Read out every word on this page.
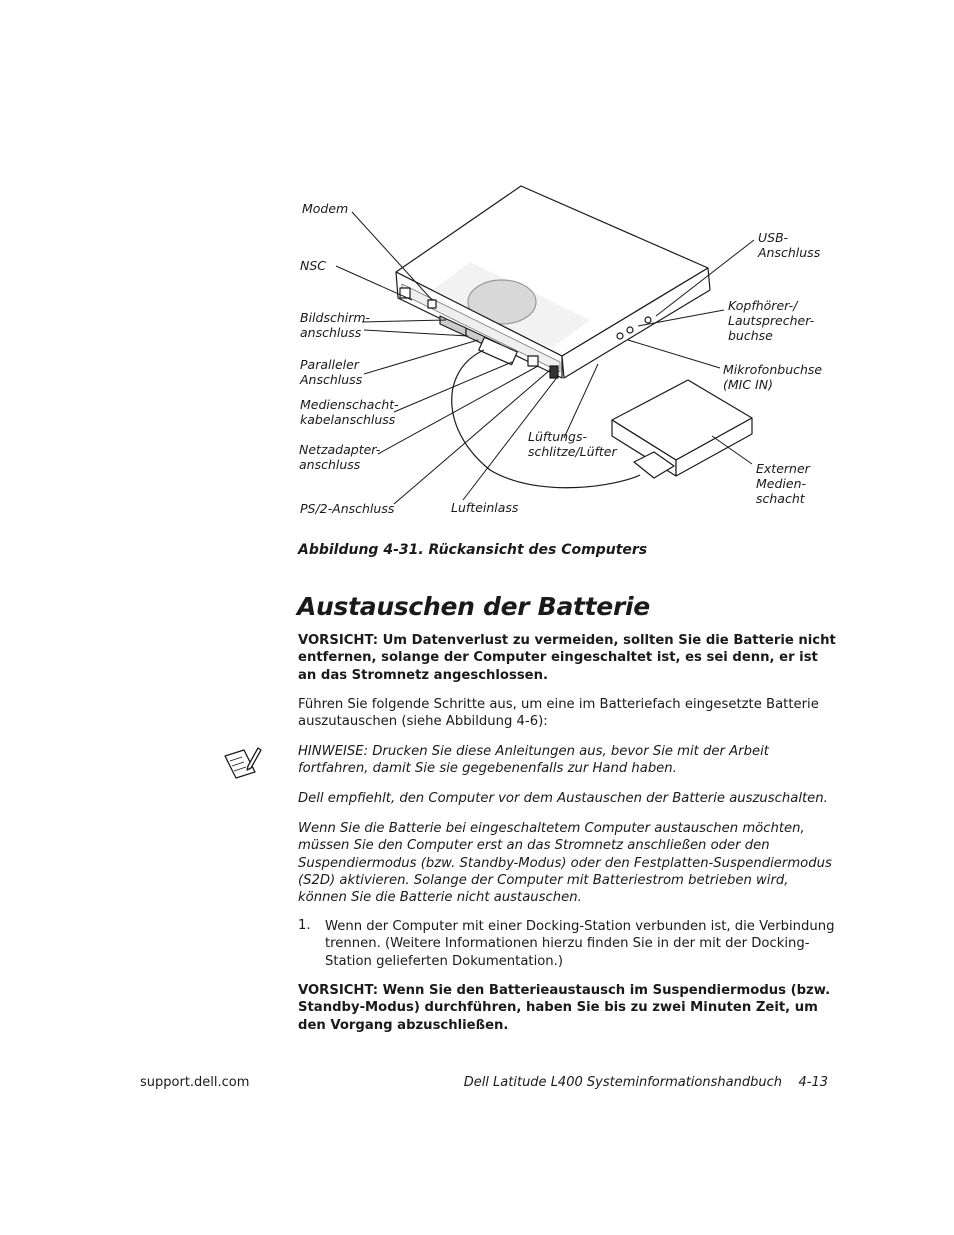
Modem
NSC
Bildschirm-
anschluss
Paralleler
Anschluss
Medienschacht-
kabelanschluss
Netzadapter-
anschluss
PS/2-Anschluss	Lufteinlass
Lüftungs-
schlitze/Lüfter
USB-
Anschluss
Kopfhörer-/
Lautsprecher-
buchse
Mikrofonbuchse
(MIC IN)
Externer
Medien-
schacht
Abbildung 4-31. Rückansicht des Computers
Austauschen der Batterie
VORSICHT: Um Datenverlust zu vermeiden, sollten Sie die Batterie nicht entfernen, solange der Computer eingeschaltet ist, es sei denn, er ist an das Stromnetz angeschlossen.
Führen Sie folgende Schritte aus, um eine im Batteriefach eingesetzte Batterie auszutauschen (siehe Abbildung 4-6):
HINWEISE: Drucken Sie diese Anleitungen aus, bevor Sie mit der Arbeit fortfahren, damit Sie sie gegebenenfalls zur Hand haben.
Dell empfiehlt, den Computer vor dem Austauschen der Batterie auszuschalten.
Wenn Sie die Batterie bei eingeschaltetem Computer austauschen möchten, müssen Sie den Computer erst an das Stromnetz anschließen oder den Suspendiermodus (bzw. Standby-Modus) oder den Festplatten-Suspendiermodus (S2D) aktivieren. Solange der Computer mit Batteriestrom betrieben wird, können Sie die Batterie nicht austauschen.
1. Wenn der Computer mit einer Docking-Station verbunden ist, die Verbindung trennen. (Weitere Informationen hierzu finden Sie in der mit der Docking-Station gelieferten Dokumentation.)
VORSICHT: Wenn Sie den Batterieaustausch im Suspendiermodus (bzw. Standby-Modus) durchführen, haben Sie bis zu zwei Minuten Zeit, um den Vorgang abzuschließen.
support.dell.com	Dell Latitude L400 Systeminformationshandbuch    4-13
